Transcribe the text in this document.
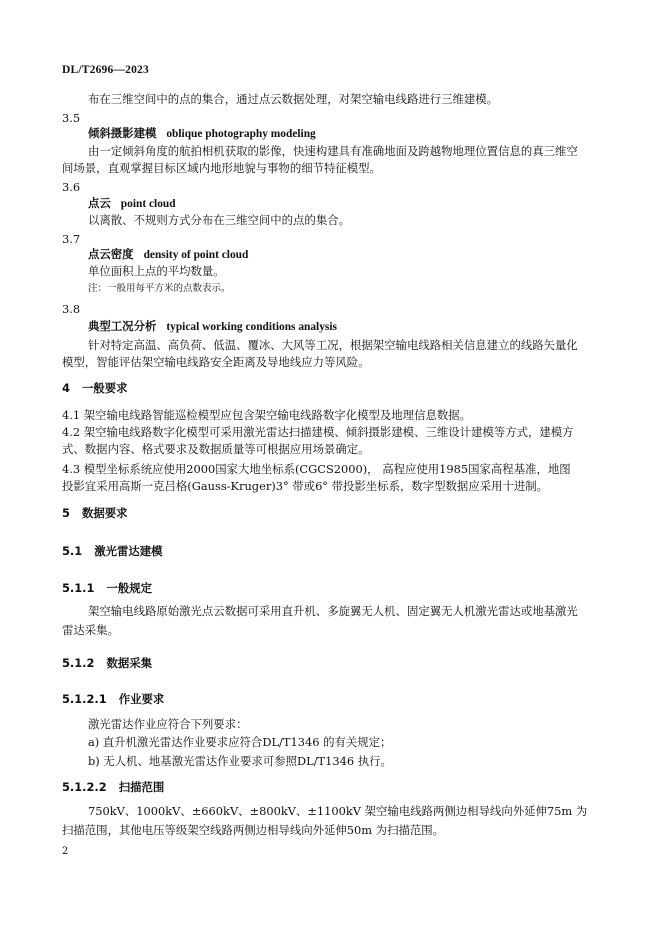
DL/T2696—2023
布在三维空间中的点的集合，通过点云数据处理，对架空输电线路进行三维建模。
3.5
倾斜摄影建模 oblique photography modeling
由一定倾斜角度的航拍相机获取的影像，快速构建具有准确地面及跨越物地理位置信息的真三维空
间场景，直观掌握目标区域内地形地貌与事物的细节特征模型。
3.6
点云 point cloud
以离散、不规则方式分布在三维空间中的点的集合。
3.7
点云密度 density of point cloud
单位面积上点的平均数量。
注：一般用每平方米的点数表示。
3.8
典型工况分析 typical working conditions analysis
针对特定高温、高负荷、低温、覆冰、大风等工况，根据架空输电线路相关信息建立的线路矢量化
模型，智能评估架空输电线路安全距离及导地线应力等风险。
4 一般要求
4.1 架空输电线路智能巡检模型应包含架空输电线路数字化模型及地理信息数据。
4.2 架空输电线路数字化模型可采用激光雷达扫描建模、倾斜摄影建模、三维设计建模等方式，建模方
式、数据内容、格式要求及数据质量等可根据应用场景确定。
4.3 模型坐标系统应使用2000国家大地坐标系(CGCS2000)， 高程应使用1985国家高程基准，地图
投影宜采用高斯一克吕格(Gauss-Kruger)3° 带或6° 带投影坐标系，数字型数据应采用十进制。
5 数据要求
5.1 激光雷达建模
5.1.1 一般规定
架空输电线路原始激光点云数据可采用直升机、多旋翼无人机、固定翼无人机激光雷达或地基激光
雷达采集。
5.1.2 数据采集
5.1.2.1 作业要求
激光雷达作业应符合下列要求：
a) 直升机激光雷达作业要求应符合DL/T1346 的有关规定；
b) 无人机、地基激光雷达作业要求可参照DL/T1346 执行。
5.1.2.2 扫描范围
750kV、1000kV、±660kV、±800kV、±1100kV 架空输电线路两侧边相导线向外延伸75m 为
扫描范围，其他电压等级架空线路两侧边相导线向外延伸50m 为扫描范围。
2
